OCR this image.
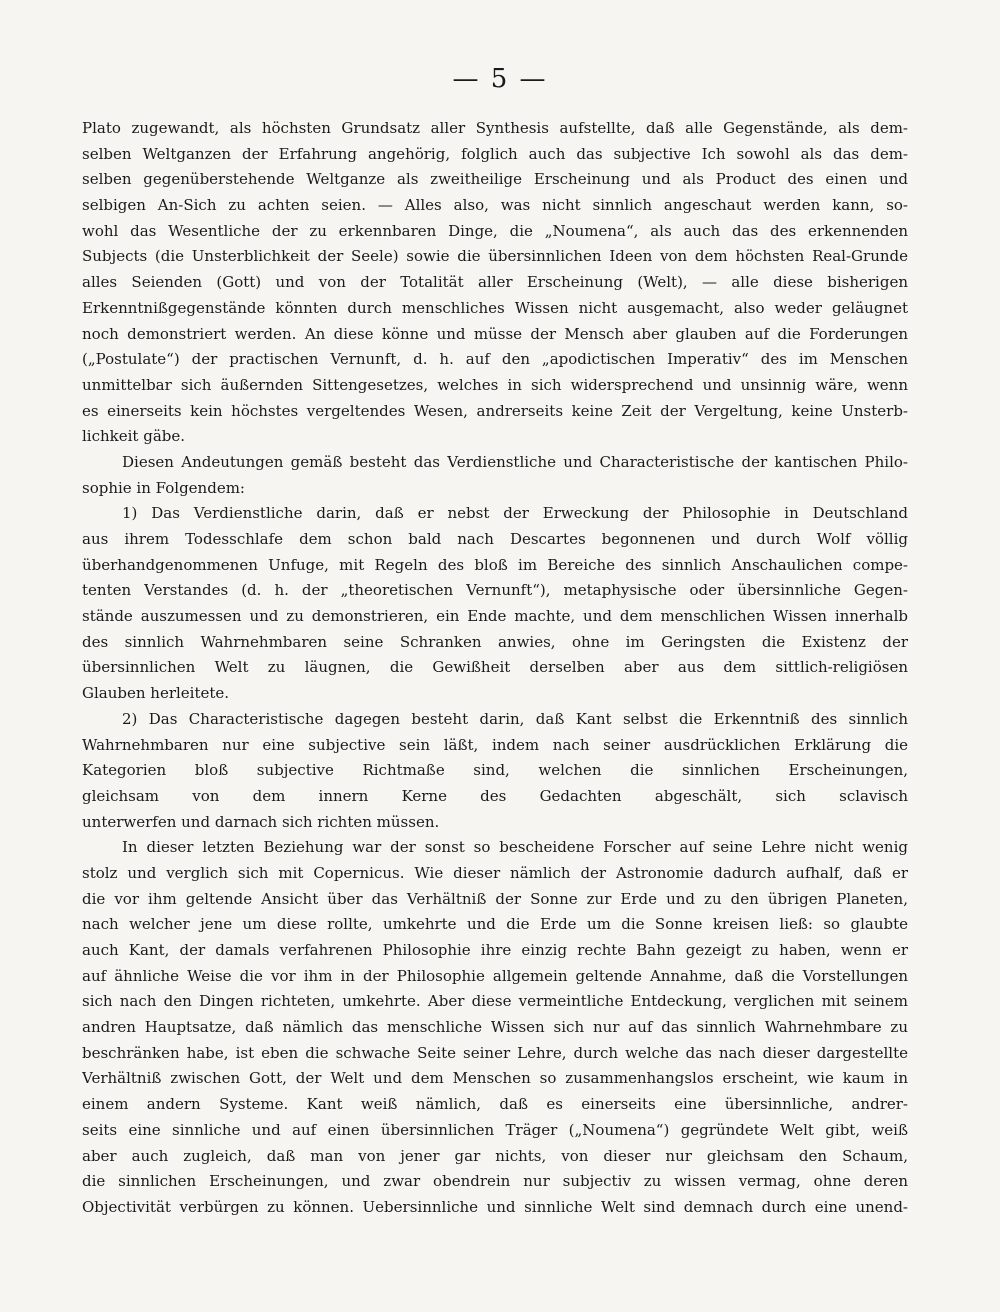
— 5 —
Plato zugewandt, als höchsten Grundsatz aller Synthesis aufstellte, daß alle Gegenstände, als dem-
selben Weltganzen der Erfahrung angehörig, folglich auch das subjective Ich sowohl als das dem-
selben gegenüberstehende Weltganze als zweitheilige Erscheinung und als Product des einen und
selbigen An-Sich zu achten seien. — Alles also, was nicht sinnlich angeschaut werden kann, so-
wohl das Wesentliche der zu erkennbaren Dinge, die „Noumena“, als auch das des erkennenden
Subjects (die Unsterblichkeit der Seele) sowie die übersinnlichen Ideen von dem höchsten Real-Grunde
alles Seienden (Gott) und von der Totalität aller Erscheinung (Welt), — alle diese bisherigen
Erkenntnißgegenstände könnten durch menschliches Wissen nicht ausgemacht, also weder geläugnet
noch demonstriert werden. An diese könne und müsse der Mensch aber glauben auf die Forderungen
(„Postulate“) der practischen Vernunft, d. h. auf den „apodictischen Imperativ“ des im Menschen
unmittelbar sich äußernden Sittengesetzes, welches in sich widersprechend und unsinnig wäre, wenn
es einerseits kein höchstes vergeltendes Wesen, andrerseits keine Zeit der Vergeltung, keine Unsterb-
lichkeit gäbe.
Diesen Andeutungen gemäß besteht das Verdienstliche und Characteristische der kantischen Philo-
sophie in Folgendem:
1) Das Verdienstliche darin, daß er nebst der Erweckung der Philosophie in Deutschland
aus ihrem Todesschlafe dem schon bald nach Descartes begonnenen und durch Wolf völlig
überhandgenommenen Unfuge, mit Regeln des bloß im Bereiche des sinnlich Anschaulichen compe-
tenten Verstandes (d. h. der „theoretischen Vernunft“), metaphysische oder übersinnliche Gegen-
stände auszumessen und zu demonstrieren, ein Ende machte, und dem menschlichen Wissen innerhalb
des sinnlich Wahrnehmbaren seine Schranken anwies, ohne im Geringsten die Existenz der
übersinnlichen Welt zu läugnen, die Gewißheit derselben aber aus dem sittlich-religiösen
Glauben herleitete.
2) Das Characteristische dagegen besteht darin, daß Kant selbst die Erkenntniß des sinnlich
Wahrnehmbaren nur eine subjective sein läßt, indem nach seiner ausdrücklichen Erklärung die
Kategorien bloß subjective Richtmaße sind, welchen die sinnlichen Erscheinungen,
gleichsam von dem innern Kerne des Gedachten abgeschält, sich sclavisch
unterwerfen und darnach sich richten müssen.
In dieser letzten Beziehung war der sonst so bescheidene Forscher auf seine Lehre nicht wenig
stolz und verglich sich mit Copernicus. Wie dieser nämlich der Astronomie dadurch aufhalf, daß er
die vor ihm geltende Ansicht über das Verhältniß der Sonne zur Erde und zu den übrigen Planeten,
nach welcher jene um diese rollte, umkehrte und die Erde um die Sonne kreisen ließ: so glaubte
auch Kant, der damals verfahrenen Philosophie ihre einzig rechte Bahn gezeigt zu haben, wenn er
auf ähnliche Weise die vor ihm in der Philosophie allgemein geltende Annahme, daß die Vorstellungen
sich nach den Dingen richteten, umkehrte. Aber diese vermeintliche Entdeckung, verglichen mit seinem
andren Hauptsatze, daß nämlich das menschliche Wissen sich nur auf das sinnlich Wahrnehmbare zu
beschränken habe, ist eben die schwache Seite seiner Lehre, durch welche das nach dieser dargestellte
Verhältniß zwischen Gott, der Welt und dem Menschen so zusammenhangslos erscheint, wie kaum in
einem andern Systeme. Kant weiß nämlich, daß es einerseits eine übersinnliche, andrer-
seits eine sinnliche und auf einen übersinnlichen Träger („Noumena“) gegründete Welt gibt, weiß
aber auch zugleich, daß man von jener gar nichts, von dieser nur gleichsam den Schaum,
die sinnlichen Erscheinungen, und zwar obendrein nur subjectiv zu wissen vermag, ohne deren
Objectivität verbürgen zu können. Uebersinnliche und sinnliche Welt sind demnach durch eine unend-
